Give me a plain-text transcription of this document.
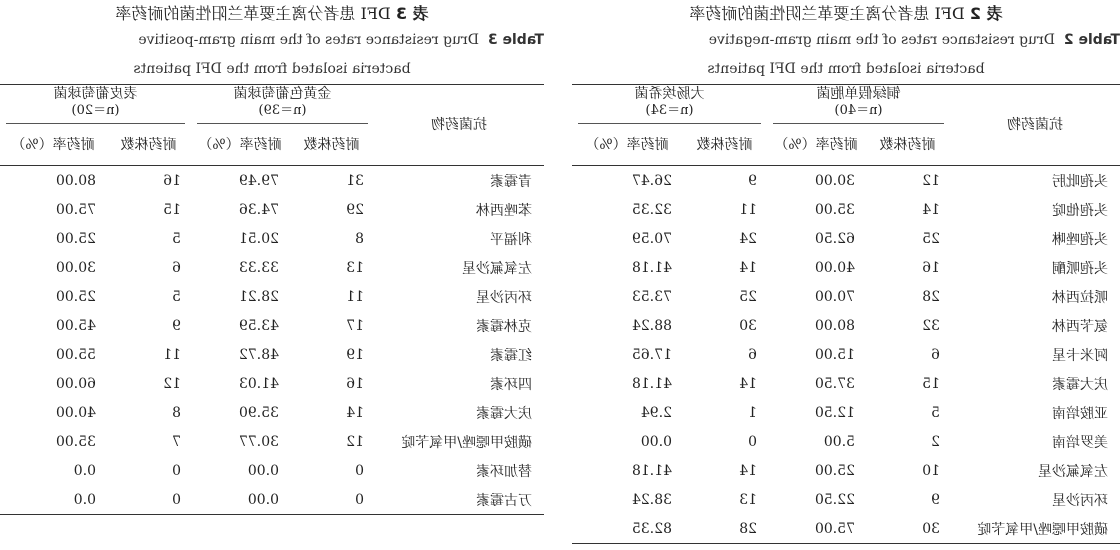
表 2 DFI 患者分离主要革兰阴性菌的耐药率
Table 2  Drug resistance rates of the main gram-negative
bacteria isolated from the DFI patients
抗菌药物	铜绿假单胞菌
(n＝40)		大肠埃希菌
(n＝34)	

	耐药株数	耐药率（%）	耐药株数	耐药率（%）
头孢吡肟	12	30.00	9	26.47
头孢他啶	14	35.00	11	32.35
头孢唑啉	25	62.50	24	70.59
头孢哌酮	16	40.00	14	41.18
哌拉西林	28	70.00	25	73.53
氨苄西林	32	80.00	30	88.24
阿米卡星	6	15.00	6	17.65
庆大霉素	15	37.50	14	41.18
亚胺培南	5	12.50	1	2.94
美罗培南	2	5.00	0	0.00
左氧氟沙星	10	25.00	14	41.18
环丙沙星	9	22.50	13	38.24
磺胺甲噁唑/甲氧苄啶	30	75.00	28	82.35
表 3 DFI 患者分离主要革兰阳性菌的耐药率
Table 3  Drug resistance rates of the main gram-positive
bacteria isolated from the DFI patients
抗菌药物	金黄色葡萄球菌
(n＝39)		表皮葡萄球菌
(n＝20)	

	耐药株数	耐药率（%）	耐药株数	耐药率（%）
青霉素	31	79.49	16	80.00
苯唑西林	29	74.36	15	75.00
利福平	8	20.51	5	25.00
左氧氟沙星	13	33.33	6	30.00
环丙沙星	11	28.21	5	25.00
克林霉素	17	43.59	9	45.00
红霉素	19	48.72	11	55.00
四环素	16	41.03	12	60.00
庆大霉素	14	35.90	8	40.00
磺胺甲噁唑/甲氧苄啶	12	30.77	7	35.00
替加环素	0	0.00	0	0.0
万古霉素	0	0.00	0	0.0
